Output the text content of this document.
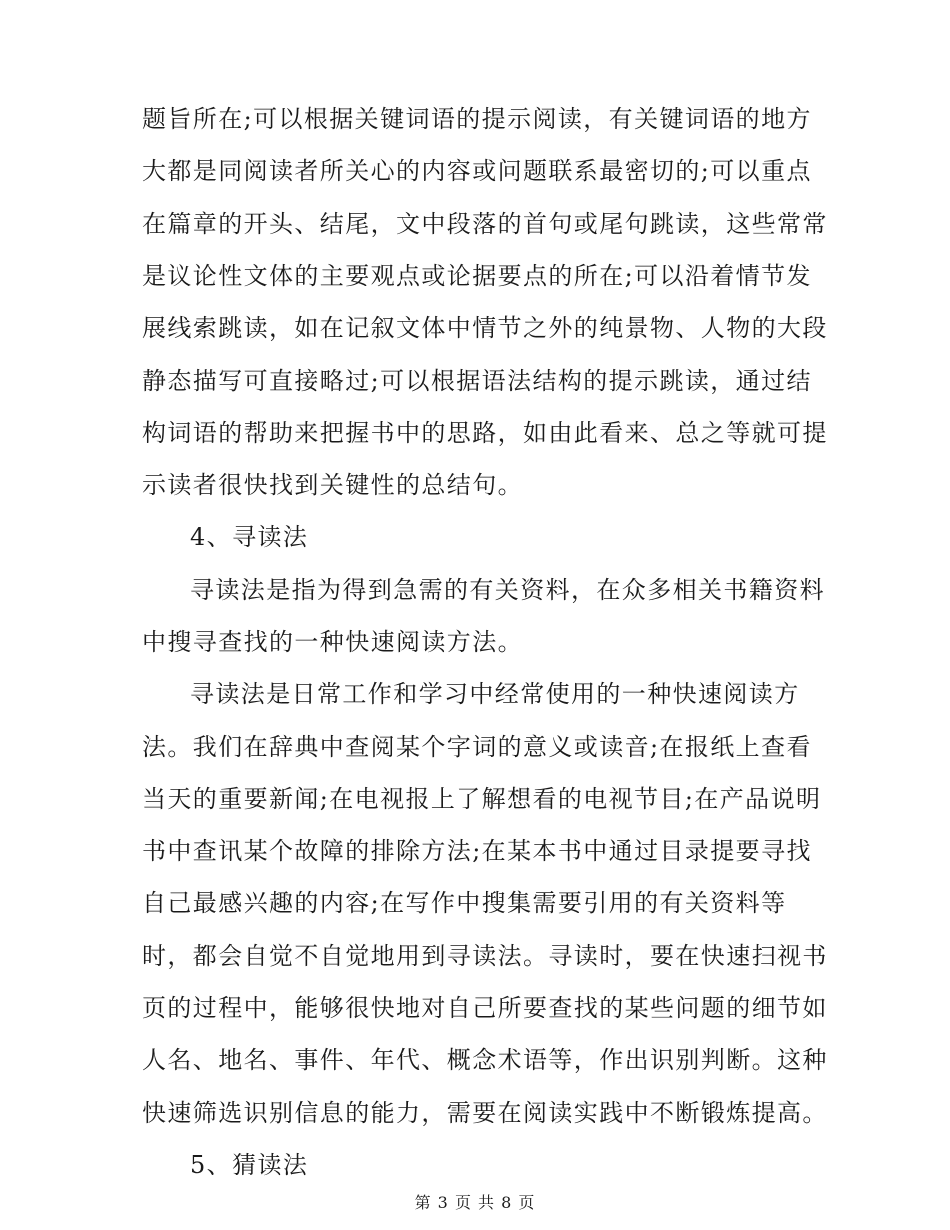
题旨所在;可以根据关键词语的提示阅读，有关键词语的地方
大都是同阅读者所关心的内容或问题联系最密切的;可以重点
在篇章的开头、结尾，文中段落的首句或尾句跳读，这些常常
是议论性文体的主要观点或论据要点的所在;可以沿着情节发
展线索跳读，如在记叙文体中情节之外的纯景物、人物的大段
静态描写可直接略过;可以根据语法结构的提示跳读，通过结
构词语的帮助来把握书中的思路，如由此看来、总之等就可提
示读者很快找到关键性的总结句。
4、寻读法
寻读法是指为得到急需的有关资料，在众多相关书籍资料
中搜寻查找的一种快速阅读方法。
寻读法是日常工作和学习中经常使用的一种快速阅读方
法。我们在辞典中查阅某个字词的意义或读音;在报纸上查看
当天的重要新闻;在电视报上了解想看的电视节目;在产品说明
书中查讯某个故障的排除方法;在某本书中通过目录提要寻找
自己最感兴趣的内容;在写作中搜集需要引用的有关资料等
时，都会自觉不自觉地用到寻读法。寻读时，要在快速扫视书
页的过程中，能够很快地对自己所要查找的某些问题的细节如
人名、地名、事件、年代、概念术语等，作出识别判断。这种
快速筛选识别信息的能力，需要在阅读实践中不断锻炼提高。
5、猜读法
第 3 页 共 8 页
